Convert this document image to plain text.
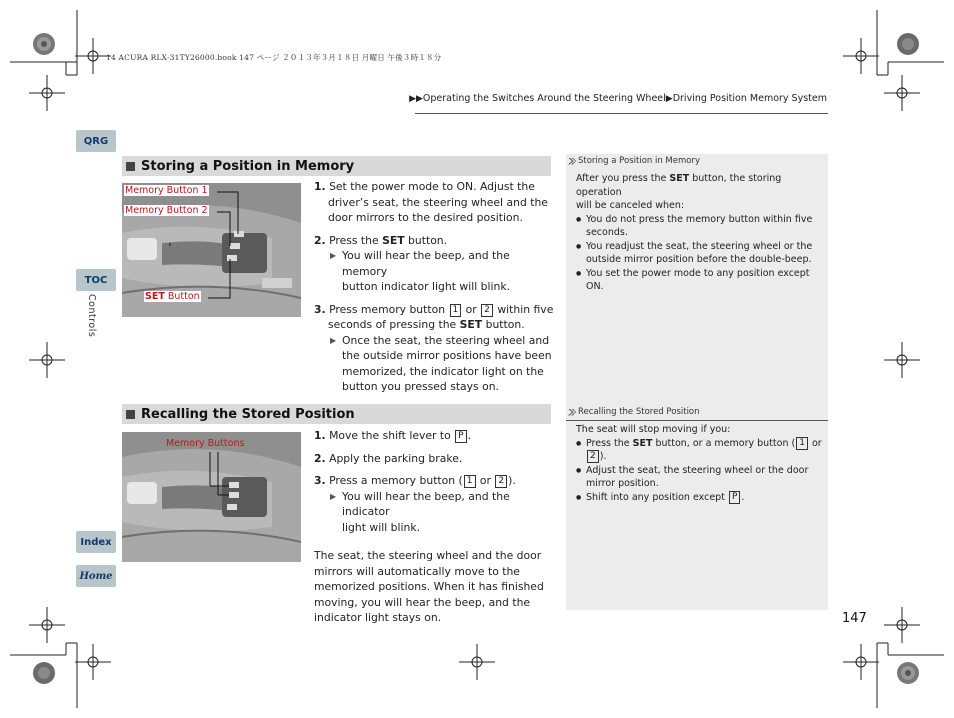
14 ACURA RLX-31TY26000.book 147 ページ ２０１３年３月１８日 月曜日 午後３時１８分
▶▶Operating the Switches Around the Steering Wheel▶Driving Position Memory System
QRG
TOC
Controls
Index
Home
Storing a Position in Memory
Memory Button 1
Memory Button 2
SET Button
1. Set the power mode to ON. Adjust the
driver’s seat, the steering wheel and the
door mirrors to the desired position.
2. Press the SET button.
▶ You will hear the beep, and the memory
button indicator light will blink.
3. Press memory button 1 or 2 within five
seconds of pressing the SET button.
▶ Once the seat, the steering wheel and
the outside mirror positions have been
memorized, the indicator light on the
button you pressed stays on.
Recalling the Stored Position
Memory Buttons
1. Move the shift lever to P .
2. Apply the parking brake.
3. Press a memory button ( 1 or 2 ).
▶ You will hear the beep, and the indicator
light will blink.
The seat, the steering wheel and the door
mirrors will automatically move to the
memorized positions. When it has finished
moving, you will hear the beep, and the
indicator light stays on.
Storing a Position in Memory
After you press the SET button, the storing operation
will be canceled when:
● You do not press the memory button within five
seconds.
● You readjust the seat, the steering wheel or the
outside mirror position before the double-beep.
● You set the power mode to any position except
ON.
Recalling the Stored Position
The seat will stop moving if you:
● Press the SET button, or a memory button ( 1 or
2 ).
● Adjust the seat, the steering wheel or the door
mirror position.
● Shift into any position except P .
147
